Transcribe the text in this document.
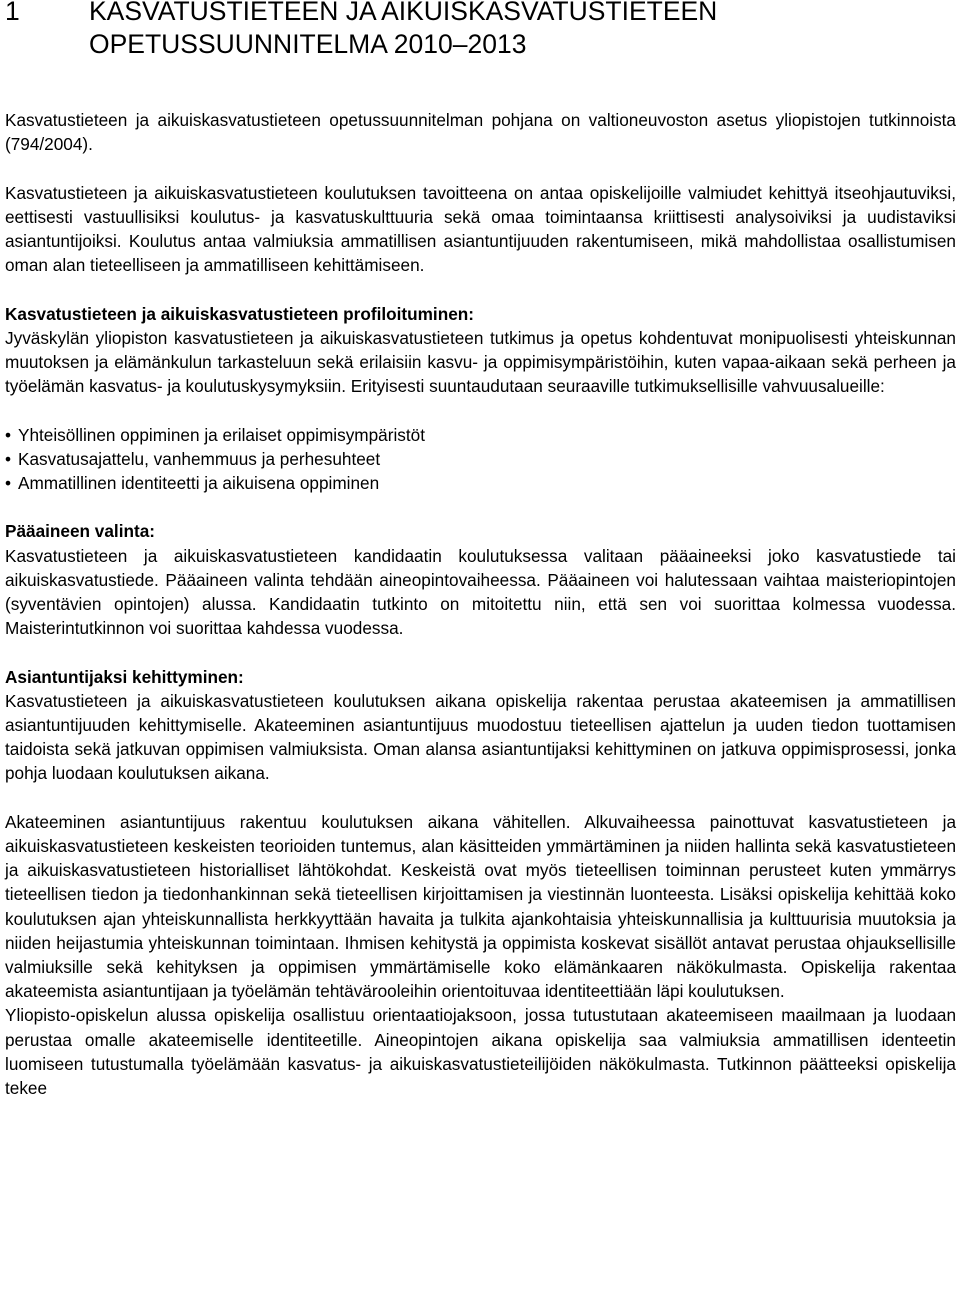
1	KASVATUSTIETEEN JA AIKUISKASVATUSTIETEEN
OPETUSSUUNNITELMA 2010–2013

Kasvatustieteen ja aikuiskasvatustieteen opetussuunnitelman pohjana on valtioneuvoston asetus yliopistojen tutkinnoista (794/2004).

Kasvatustieteen ja aikuiskasvatustieteen koulutuksen tavoitteena on antaa opiskelijoille valmiudet kehittyä itseohjautuviksi, eettisesti vastuullisiksi koulutus- ja kasvatuskulttuuria sekä omaa toimintaansa kriittisesti analysoiviksi ja uudistaviksi asiantuntijoiksi. Koulutus antaa valmiuksia ammatillisen asiantuntijuuden rakentumiseen, mikä mahdollistaa osallistumisen oman alan tieteelliseen ja ammatilliseen kehittämiseen.

Kasvatustieteen ja aikuiskasvatustieteen profiloituminen:

Jyväskylän yliopiston kasvatustieteen ja aikuiskasvatustieteen tutkimus ja opetus kohdentuvat monipuolisesti yhteiskunnan muutoksen ja elämänkulun tarkasteluun sekä erilaisiin kasvu- ja oppimisympäristöihin, kuten vapaa-aikaan sekä perheen ja työelämän kasvatus- ja koulutuskysymyksiin. Erityisesti suuntaudutaan seuraaville tutkimuksellisille vahvuusalueille:

• Yhteisöllinen oppiminen ja erilaiset oppimisympäristöt
• Kasvatusajattelu, vanhemmuus ja perhesuhteet
• Ammatillinen identiteetti ja aikuisena oppiminen

Pääaineen valinta:

Kasvatustieteen ja aikuiskasvatustieteen kandidaatin koulutuksessa valitaan pääaineeksi joko kasvatustiede tai aikuiskasvatustiede. Pääaineen valinta tehdään aineopintovaiheessa. Pääaineen voi halutessaan vaihtaa maisteriopintojen (syventävien opintojen) alussa. Kandidaatin tutkinto on mitoitettu niin, että sen voi suorittaa kolmessa vuodessa. Maisterintutkinnon voi suorittaa kahdessa vuodessa.

Asiantuntijaksi kehittyminen:

Kasvatustieteen ja aikuiskasvatustieteen koulutuksen aikana opiskelija rakentaa perustaa akateemisen ja ammatillisen asiantuntijuuden kehittymiselle. Akateeminen asiantuntijuus muodostuu tieteellisen ajattelun ja uuden tiedon tuottamisen taidoista sekä jatkuvan oppimisen valmiuksista. Oman alansa asiantuntijaksi kehittyminen on jatkuva oppimisprosessi, jonka pohja luodaan koulutuksen aikana.

Akateeminen asiantuntijuus rakentuu koulutuksen aikana vähitellen. Alkuvaiheessa painottuvat kasvatustieteen ja aikuiskasvatustieteen keskeisten teorioiden tuntemus, alan käsitteiden ymmärtäminen ja niiden hallinta sekä kasvatustieteen ja aikuiskasvatustieteen historialliset lähtökohdat. Keskeistä ovat myös tieteellisen toiminnan perusteet kuten ymmärrys tieteellisen tiedon ja tiedonhankinnan sekä tieteellisen kirjoittamisen ja viestinnän luonteesta. Lisäksi opiskelija kehittää koko koulutuksen ajan yhteiskunnallista herkkyyttään havaita ja tulkita ajankohtaisia yhteiskunnallisia ja kulttuurisia muutoksia ja niiden heijastumia yhteiskunnan toimintaan. Ihmisen kehitystä ja oppimista koskevat sisällöt antavat perustaa ohjauksellisille valmiuksille sekä kehityksen ja oppimisen ymmärtämiselle koko elämänkaaren näkökulmasta. Opiskelija rakentaa akateemista asiantuntijaan ja työelämän tehtävärooleihin orientoituvaa identiteettiään läpi koulutuksen.

Yliopisto-opiskelun alussa opiskelija osallistuu orientaatiojaksoon, jossa tutustutaan akateemiseen maailmaan ja luodaan perustaa omalle akateemiselle identiteetille. Aineopintojen aikana opiskelija saa valmiuksia ammatillisen identeetin luomiseen tutustumalla työelämään kasvatus- ja aikuiskasvatustieteilijöiden näkökulmasta. Tutkinnon päätteeksi opiskelija tekee
